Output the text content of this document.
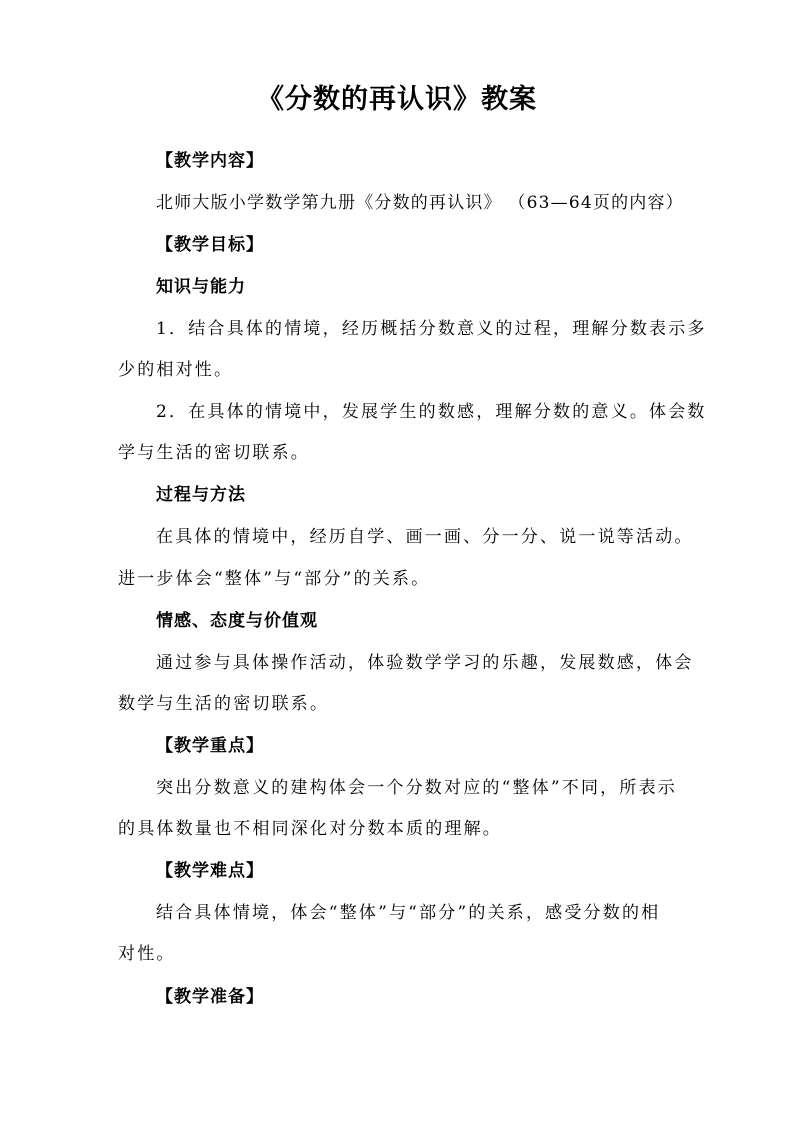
《分数的再认识》教案
【教学内容】
北师大版小学数学第九册《分数的再认识》 （63—64页的内容）
【教学目标】
知识与能力
1．结合具体的情境，经历概括分数意义的过程，理解分数表示多
少的相对性。
2．在具体的情境中，发展学生的数感，理解分数的意义。体会数
学与生活的密切联系。
过程与方法
在具体的情境中，经历自学、画一画、分一分、说一说等活动。
进一步体会“整体”与“部分”的关系。
情感、态度与价值观
通过参与具体操作活动，体验数学学习的乐趣，发展数感，体会
数学与生活的密切联系。
【教学重点】
突出分数意义的建构体会一个分数对应的“整体”不同，所表示
的具体数量也不相同深化对分数本质的理解。
【教学难点】
结合具体情境，体会“整体”与“部分”的关系，感受分数的相
对性。
【教学准备】
